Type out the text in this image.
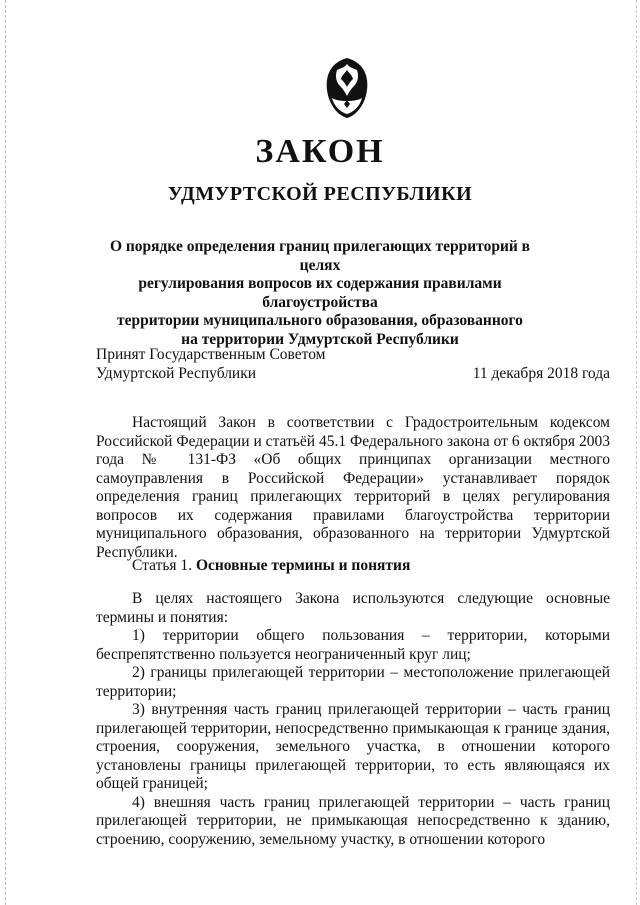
ЗАКОН
УДМУРТСКОЙ РЕСПУБЛИКИ
О порядке определения границ прилегающих территорий в целях
регулирования вопросов их содержания правилами благоустройства
территории муниципального образования, образованного
на территории Удмуртской Республики
Принят Государственным Советом
Удмуртской Республики	11 декабря 2018 года

Настоящий Закон в соответствии с Градостроительным кодексом Российской Федерации и статьёй 45.1 Федерального закона от 6 октября 2003 года № 131-ФЗ «Об общих принципах организации местного самоуправления в Российской Федерации» устанавливает порядок определения границ прилегающих территорий в целях регулирования вопросов их содержания правилами благоустройства территории муниципального образования, образованного на территории Удмуртской Республики.

Статья 1. Основные термины и понятия

В целях настоящего Закона используются следующие основные термины и понятия:

1) территории общего пользования – территории, которыми беспрепятственно пользуется неограниченный круг лиц;

2) границы прилегающей территории – местоположение прилегающей территории;

3) внутренняя часть границ прилегающей территории – часть границ прилегающей территории, непосредственно примыкающая к границе здания, строения, сооружения, земельного участка, в отношении которого установлены границы прилегающей территории, то есть являющаяся их общей границей;

4) внешняя часть границ прилегающей территории – часть границ прилегающей территории, не примыкающая непосредственно к зданию, строению, сооружению, земельному участку, в отношении которого
